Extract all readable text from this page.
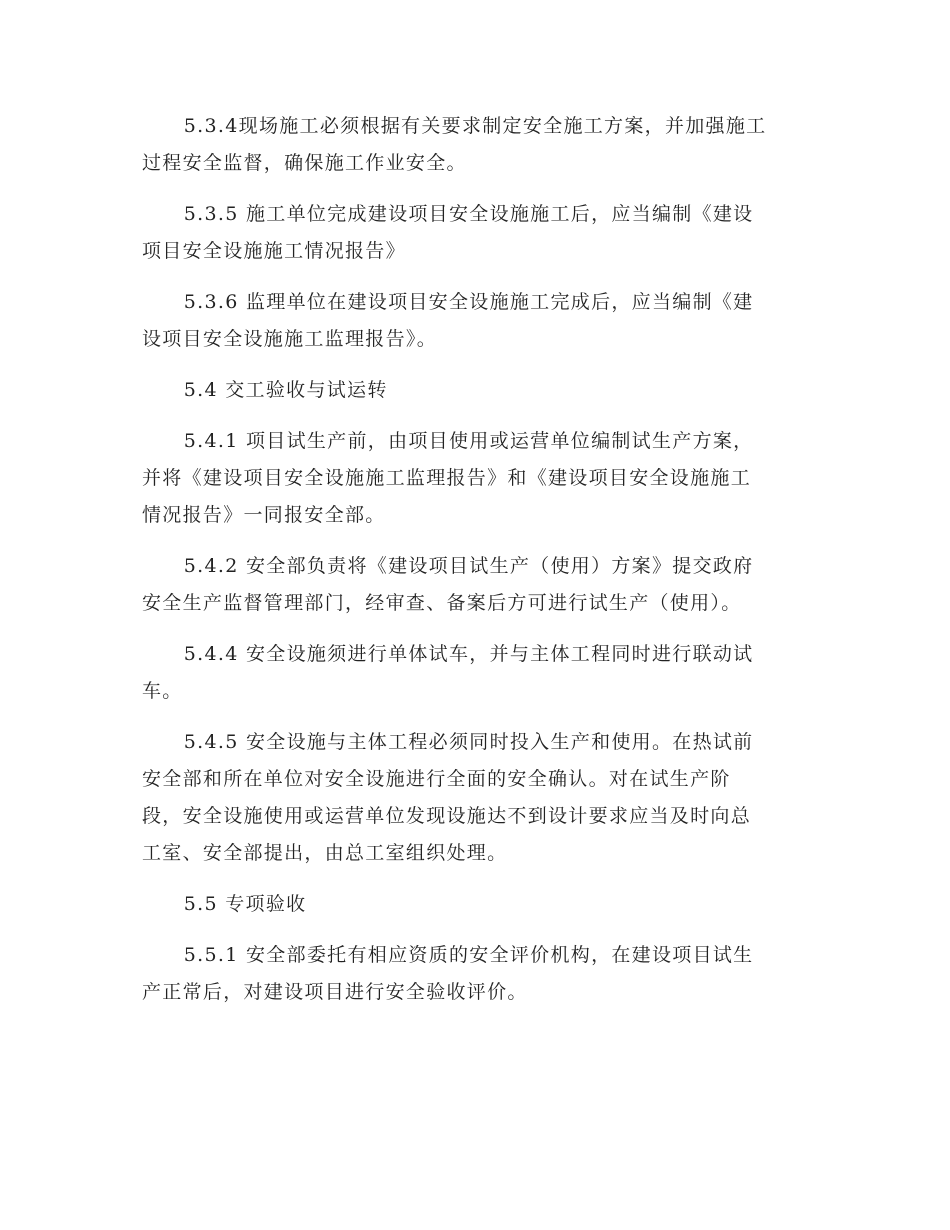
5.3.4现场施工必须根据有关要求制定安全施工方案，并加强施工
过程安全监督，确保施工作业安全。

5.3.5 施工单位完成建设项目安全设施施工后，应当编制《建设
项目安全设施施工情况报告》

5.3.6 监理单位在建设项目安全设施施工完成后，应当编制《建
设项目安全设施施工监理报告》。

5.4 交工验收与试运转

5.4.1 项目试生产前，由项目使用或运营单位编制试生产方案，
并将《建设项目安全设施施工监理报告》和《建设项目安全设施施工
情况报告》一同报安全部。

5.4.2 安全部负责将《建设项目试生产（使用）方案》提交政府
安全生产监督管理部门，经审查、备案后方可进行试生产（使用）。

5.4.4 安全设施须进行单体试车，并与主体工程同时进行联动试
车。

5.4.5 安全设施与主体工程必须同时投入生产和使用。在热试前
安全部和所在单位对安全设施进行全面的安全确认。对在试生产阶
段，安全设施使用或运营单位发现设施达不到设计要求应当及时向总
工室、安全部提出，由总工室组织处理。

5.5 专项验收

5.5.1 安全部委托有相应资质的安全评价机构，在建设项目试生
产正常后，对建设项目进行安全验收评价。
